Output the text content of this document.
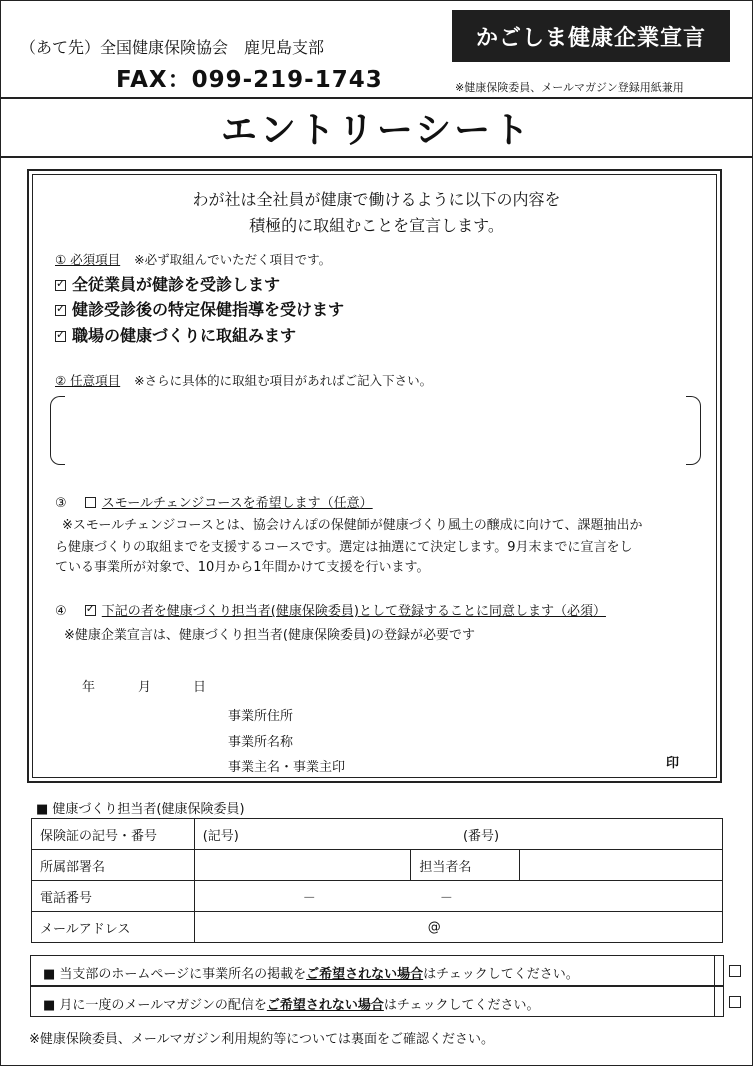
（あて先）全国健康保険協会　鹿児島支部
FAX：099-219-1743
かごしま健康企業宣言
※健康保険委員、メールマガジン登録用紙兼用
エントリーシート
わが社は全社員が健康で働けるように以下の内容を
積極的に取組むことを宣言します。
① 必須項目 ※必ず取組んでいただく項目です。
✓全従業員が健診を受診します
✓健診受診後の特定保健指導を受けます
✓職場の健康づくりに取組みます
② 任意項目 ※さらに具体的に取組む項目があればご記入下さい。
③	スモールチェンジコースを希望します（任意）
※スモールチェンジコースとは、協会けんぽの保健師が健康づくり風土の醸成に向けて、課題抽出か
ら健康づくりの取組までを支援するコースです。選定は抽選にて決定します。9月末までに宣言をし
ている事業所が対象で、10月から1年間かけて支援を行います。
④ ✓	下記の者を健康づくり担当者(健康保険委員)として登録することに同意します（必須）
※健康企業宣言は、健康づくり担当者(健康保険委員)の登録が必要です
年	月	日
事業所住所
事業所名称
事業主名・事業主印	印
■ 健康づくり担当者(健康保険委員)
保険証の記号・番号	(記号) (番号)		
所属部署名		担当者名	
電話番号	－ －		
メールアドレス	@		
■ 当支部のホームページに事業所名の掲載をご希望されない場合はチェックしてください。
■ 月に一度のメールマガジンの配信をご希望されない場合はチェックしてください。
※健康保険委員、メールマガジン利用規約等については裏面をご確認ください。
